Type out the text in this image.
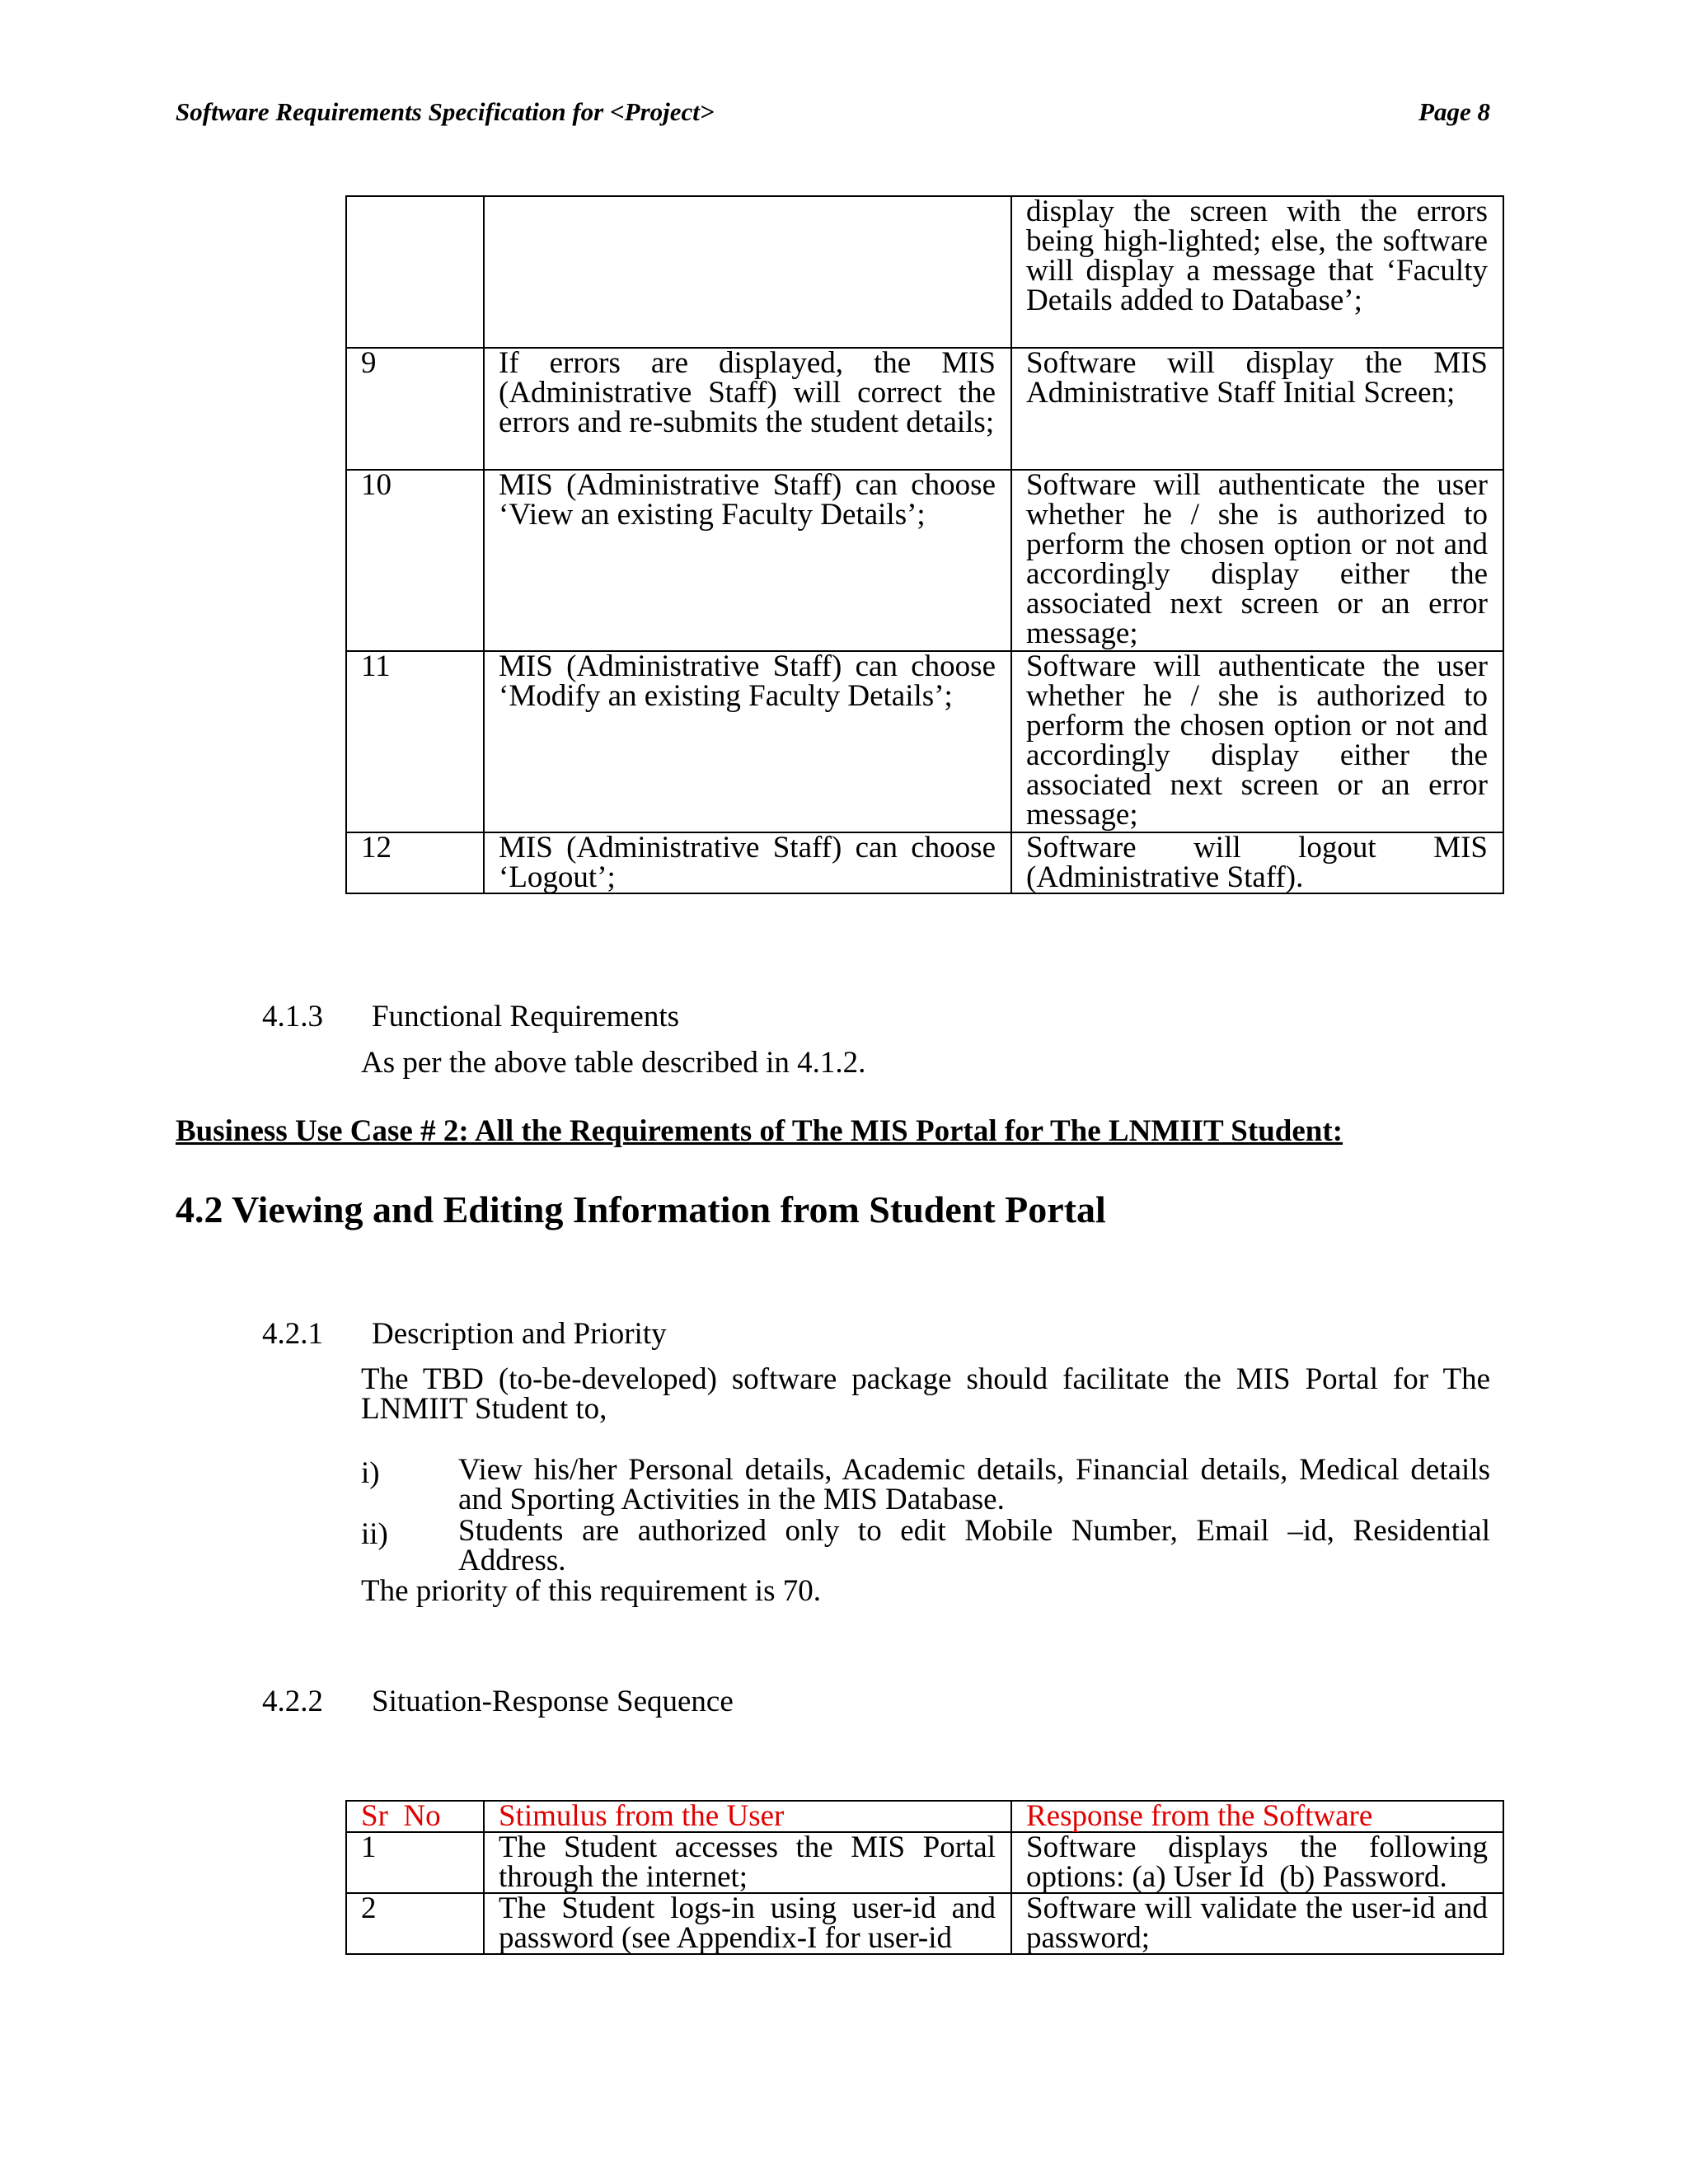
Software Requirements Specification for <Project>	Page 8
		display the screen with the errors being high-lighted; else, the software will display a message that ‘Faculty Details added to Database’;
9	If errors are displayed, the MIS (Administrative Staff) will correct the errors and re-submits the student details;	Software will display the MIS Administrative Staff Initial Screen;
10	MIS (Administrative Staff) can choose ‘View an existing Faculty Details’;	Software will authenticate the user whether he / she is authorized to perform the chosen option or not and accordingly display either the associated next screen or an error message;
11	MIS (Administrative Staff) can choose ‘Modify an existing Faculty Details’;	Software will authenticate the user whether he / she is authorized to perform the chosen option or not and accordingly display either the associated next screen or an error message;
12	MIS (Administrative Staff) can choose ‘Logout’;	Software will logout MIS (Administrative Staff).
4.1.3 Functional Requirements
As per the above table described in 4.1.2.
Business Use Case # 2: All the Requirements of The MIS Portal for The LNMIIT Student:
4.2 Viewing and Editing Information from Student Portal
4.2.1 Description and Priority
The TBD (to-be-developed) software package should facilitate the MIS Portal for The LNMIIT Student to,
i)	View his/her Personal details, Academic details, Financial details, Medical details and Sporting Activities in the MIS Database.
ii) Students are authorized only to edit Mobile Number, Email –id, Residential Address.
The priority of this requirement is 70.
4.2.2 Situation-Response Sequence
Sr  No	Stimulus from the User	Response from the Software
1	The Student accesses the MIS Portal through the internet;	Software displays the following options: (a) User Id  (b) Password.
2	The Student logs-in using user-id and password (see Appendix-I for user-id	Software will validate the user-id and password;
